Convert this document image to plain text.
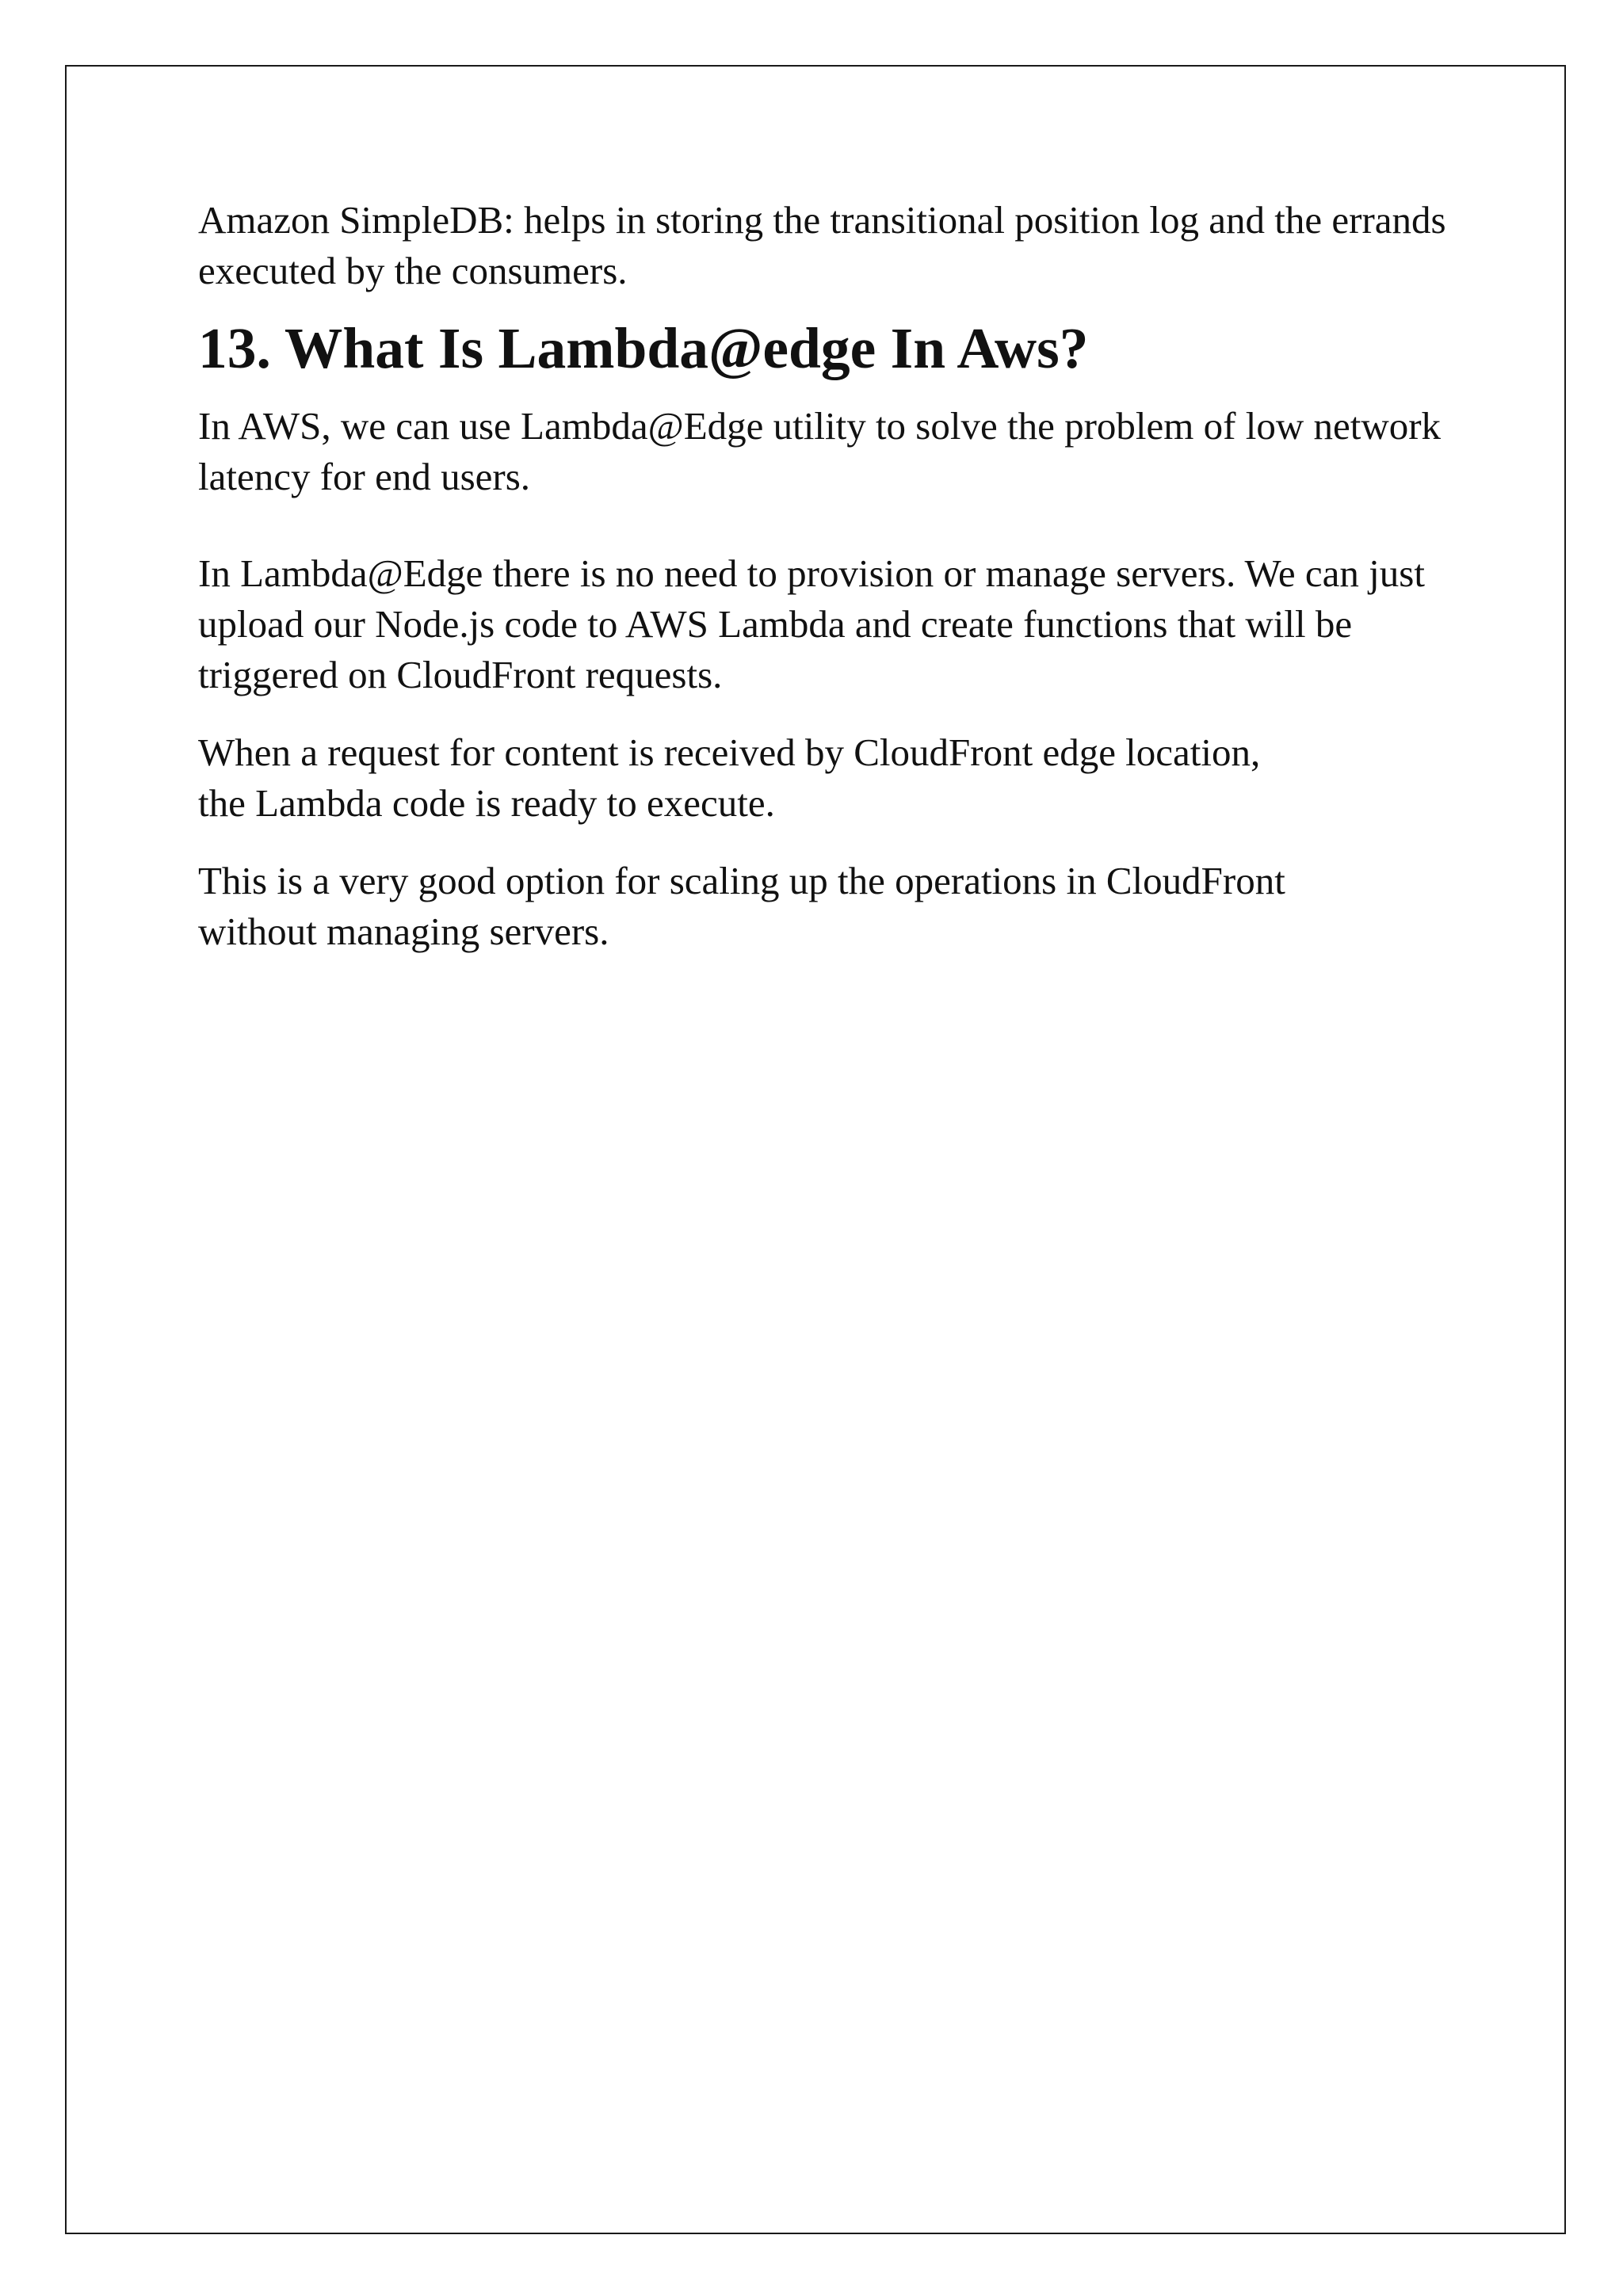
Amazon SimpleDB: helps in storing the transitional position log and the errands
executed by the consumers.

13. What Is Lambda@edge In Aws?

In AWS, we can use Lambda@Edge utility to solve the problem of low network
latency for end users.

In Lambda@Edge there is no need to provision or manage servers. We can just
upload our Node.js code to AWS Lambda and create functions that will be
triggered on CloudFront requests.

When a request for content is received by CloudFront edge location,
the Lambda code is ready to execute.

This is a very good option for scaling up the operations in CloudFront
without managing servers.
